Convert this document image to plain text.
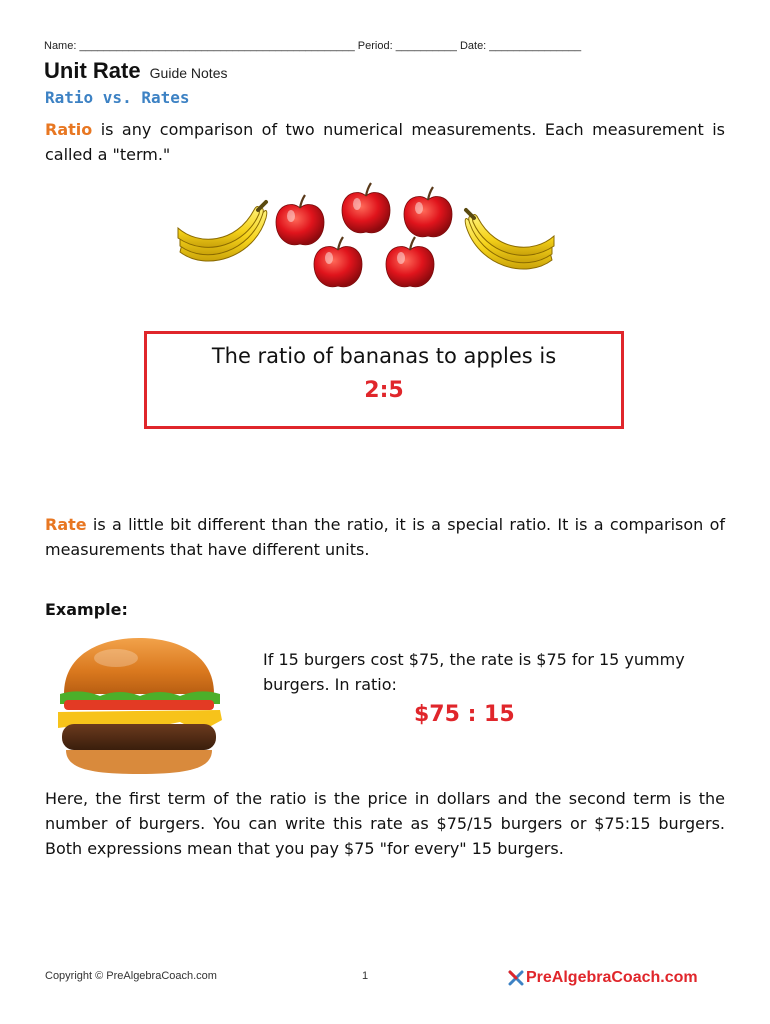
Name: _____________________________________________ Period: __________ Date: _______________
Unit Rate Guide Notes
Ratio vs. Rates
Ratio is any comparison of two numerical measurements. Each measurement is called a "term."
The ratio of bananas to apples is
2:5
Rate is a little bit different than the ratio, it is a special ratio. It is a comparison of measurements that have different units.
Example:
If 15 burgers cost $75, the rate is $75 for 15 yummy burgers. In ratio:
$75 : 15
Here, the first term of the ratio is the price in dollars and the second term is the number of burgers. You can write this rate as $75/15 burgers or $75:15 burgers. Both expressions mean that you pay $75 "for every" 15 burgers.
Copyright © PreAlgebraCoach.com	1	PreAlgebraCoach.com
